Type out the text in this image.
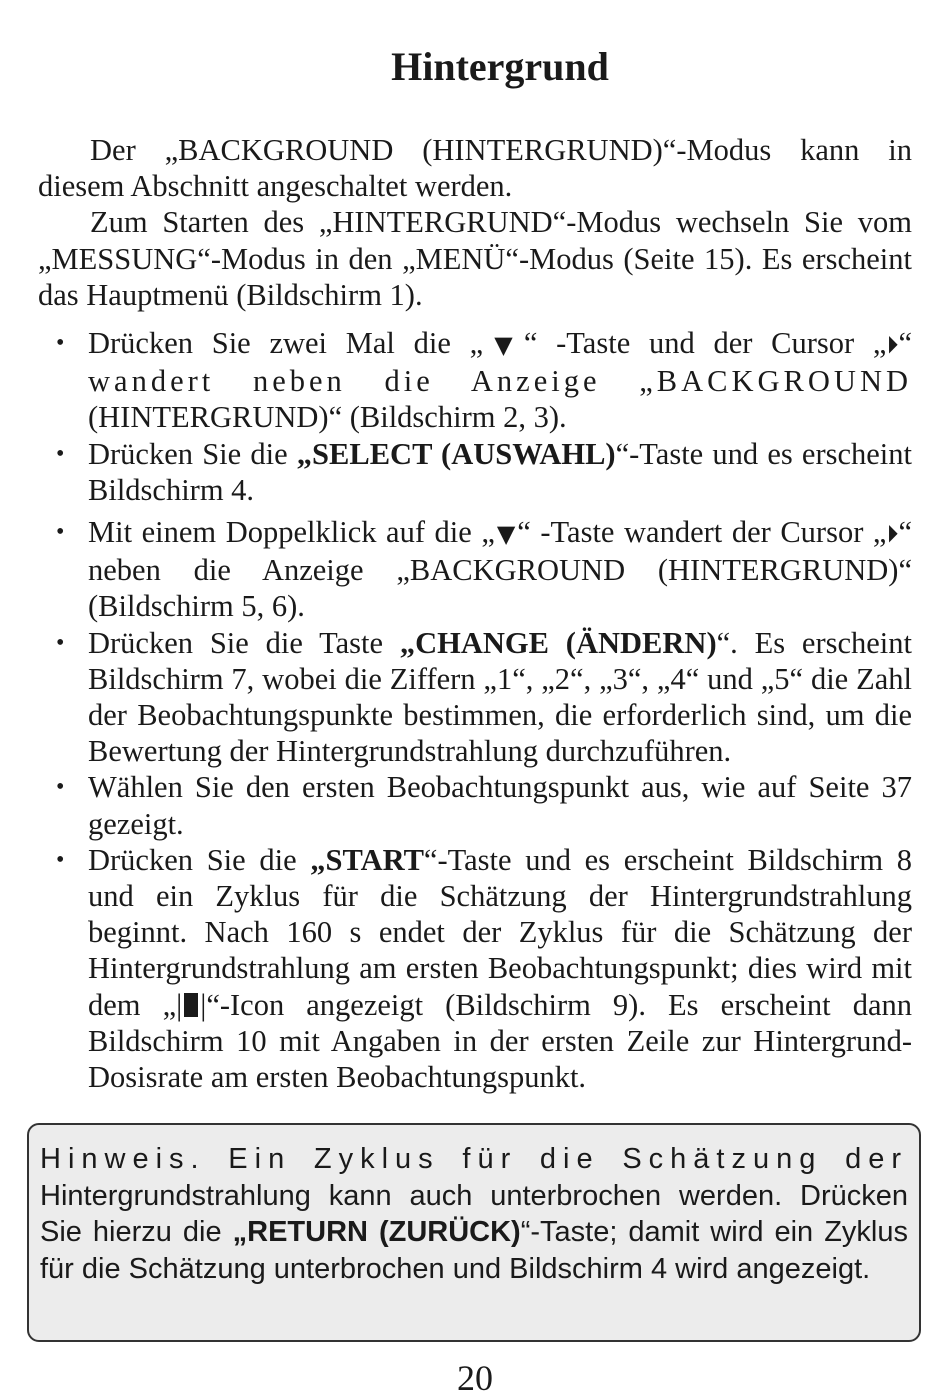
Hintergrund

Der „BACKGROUND (HINTERGRUND)“-Modus kann in diesem Abschnitt angeschaltet werden.

Zum Starten des „HINTERGRUND“-Modus wechseln Sie vom „MESSUNG“-Modus in den „MENÜ“-Modus (Seite 15). Es erscheint das Hauptmenü (Bildschirm 1).

• Drücken Sie zwei Mal die „▼“ -Taste und der Cursor „⏵“ wandert neben die Anzeige „BACKGROUND (HINTERGRUND)“ (Bildschirm 2, 3).
• Drücken Sie die „SELECT (AUSWAHL)“-Taste und es erscheint Bildschirm 4.
• Mit einem Doppelklick auf die „▼“ -Taste wandert der Cursor „⏵“ neben die Anzeige „BACKGROUND (HINTERGRUND)“ (Bildschirm 5, 6).
• Drücken Sie die Taste „CHANGE (ÄNDERN)“. Es erscheint Bildschirm 7, wobei die Ziffern „1“, „2“, „3“, „4“ und „5“ die Zahl der Beobachtungspunkte bestimmen, die erforderlich sind, um die Bewertung der Hintergrundstrahlung durchzuführen.
• Wählen Sie den ersten Beobachtungspunkt aus, wie auf Seite 37 gezeigt.
• Drücken Sie die „START“-Taste und es erscheint Bildschirm 8 und ein Zyklus für die Schätzung der Hintergrundstrahlung beginnt. Nach 160 s endet der Zyklus für die Schätzung der Hintergrundstrahlung am ersten Beobachtungspunkt; dies wird mit dem „| |“-Icon angezeigt (Bildschirm 9). Es erscheint dann Bildschirm 10 mit Angaben in der ersten Zeile zur Hintergrund-Dosisrate am ersten Beobachtungspunkt.
Hinweis. Ein Zyklus für die Schätzung der Hintergrundstrahlung kann auch unterbrochen werden. Drücken Sie hierzu die „RETURN (ZURÜCK)“-Taste; damit wird ein Zyklus für die Schätzung unterbrochen und Bildschirm 4 wird angezeigt.
20
